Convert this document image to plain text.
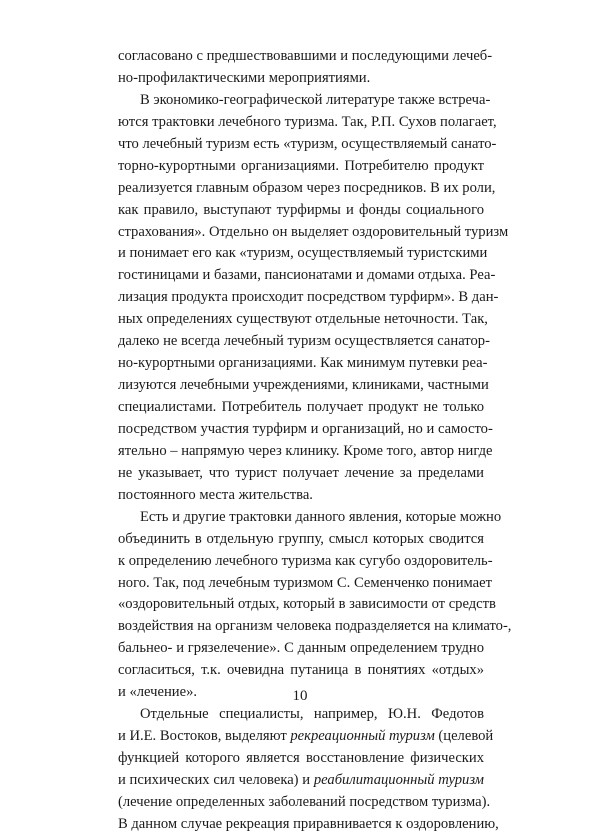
согласовано с предшествовавшими и последующими лечеб-
но-профилактическими мероприятиями.
В экономико-географической литературе также встреча-
ются трактовки лечебного туризма. Так, Р.П. Сухов полагает,
что лечебный туризм есть «туризм, осуществляемый санато-
торно-курортными организациями. Потребителю продукт
реализуется главным образом через посредников. В их роли,
как правило, выступают турфирмы и фонды социального
страхования». Отдельно он выделяет оздоровительный туризм
и понимает его как «туризм, осуществляемый туристскими
гостиницами и базами, пансионатами и домами отдыха. Реа-
лизация продукта происходит посредством турфирм». В дан-
ных определениях существуют отдельные неточности. Так,
далеко не всегда лечебный туризм осуществляется санатор-
но-курортными организациями. Как минимум путевки реа-
лизуются лечебными учреждениями, клиниками, частными
специалистами. Потребитель получает продукт не только
посредством участия турфирм и организаций, но и самосто-
ятельно – напрямую через клинику. Кроме того, автор нигде
не указывает, что турист получает лечение за пределами
постоянного места жительства.
Есть и другие трактовки данного явления, которые можно
объединить в отдельную группу, смысл которых сводится
к определению лечебного туризма как сугубо оздоровитель-
ного. Так, под лечебным туризмом С. Семенченко понимает
«оздоровительный отдых, который в зависимости от средств
воздействия на организм человека подразделяется на климато-,
бальнео- и грязелечение». С данным определением трудно
согласиться, т.к. очевидна путаница в понятиях «отдых»
и «лечение».
Отдельные специалисты, например, Ю.Н. Федотов
и И.Е. Востоков, выделяют рекреационный туризм (целевой
функцией которого является восстановление физических
и психических сил человека) и реабилитационный туризм
(лечение определенных заболеваний посредством туризма).
В данном случае рекреация приравнивается к оздоровлению,
10
